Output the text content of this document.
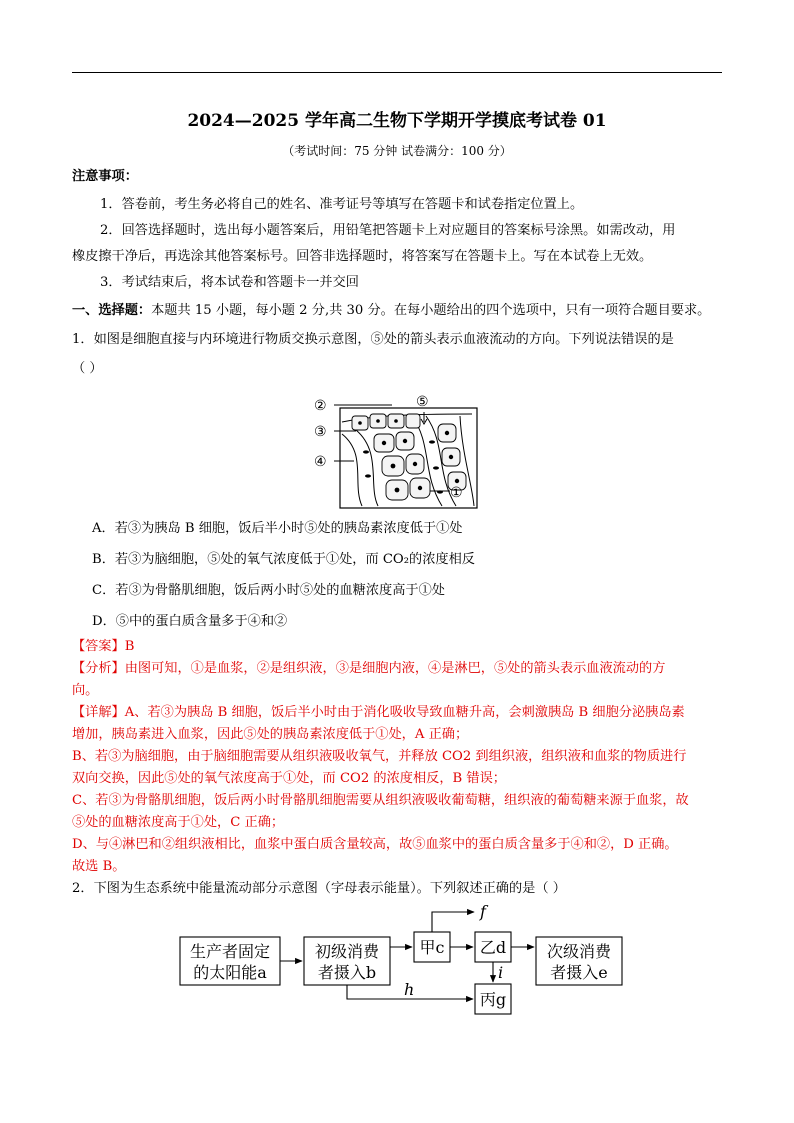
2024—2025 学年高二生物下学期开学摸底考试卷 01
（考试时间：75 分钟 试卷满分：100 分）
注意事项：
1．答卷前，考生务必将自己的姓名、准考证号等填写在答题卡和试卷指定位置上。
2．回答选择题时，选出每小题答案后，用铅笔把答题卡上对应题目的答案标号涂黑。如需改动，用
橡皮擦干净后，再选涂其他答案标号。回答非选择题时，将答案写在答题卡上。写在本试卷上无效。
3．考试结束后，将本试卷和答题卡一并交回
一、选择题：本题共 15 小题，每小题 2 分,共 30 分。在每小题给出的四个选项中，只有一项符合题目要求。
1．如图是细胞直接与内环境进行物质交换示意图，⑤处的箭头表示血液流动的方向。下列说法错误的是
（ ）
②
③
④
⑤
①
A．若③为胰岛 B 细胞，饭后半小时⑤处的胰岛素浓度低于①处
B．若③为脑细胞，⑤处的氧气浓度低于①处，而 CO₂的浓度相反
C．若③为骨骼肌细胞，饭后两小时⑤处的血糖浓度高于①处
D．⑤中的蛋白质含量多于④和②
【答案】B
【分析】由图可知，①是血浆，②是组织液，③是细胞内液，④是淋巴，⑤处的箭头表示血液流动的方
向。
【详解】A、若③为胰岛 B 细胞，饭后半小时由于消化吸收导致血糖升高，会刺激胰岛 B 细胞分泌胰岛素
增加，胰岛素进入血浆，因此⑤处的胰岛素浓度低于①处，A 正确；
B、若③为脑细胞，由于脑细胞需要从组织液吸收氧气，并释放 CO2 到组织液，组织液和血浆的物质进行
双向交换，因此⑤处的氧气浓度高于①处，而 CO2 的浓度相反，B 错误；
C、若③为骨骼肌细胞，饭后两小时骨骼肌细胞需要从组织液吸收葡萄糖，组织液的葡萄糖来源于血浆，故
⑤处的血糖浓度高于①处，C 正确；
D、与④淋巴和②组织液相比，血浆中蛋白质含量较高，故⑤血浆中的蛋白质含量多于④和②，D 正确。
故选 B。
2．下图为生态系统中能量流动部分示意图（字母表示能量）。下列叙述正确的是（ ）
生产者固定
的太阳能a
初级消费
者摄入b
甲c 乙d	次级消费
者摄入e
丙g
f
h
i
